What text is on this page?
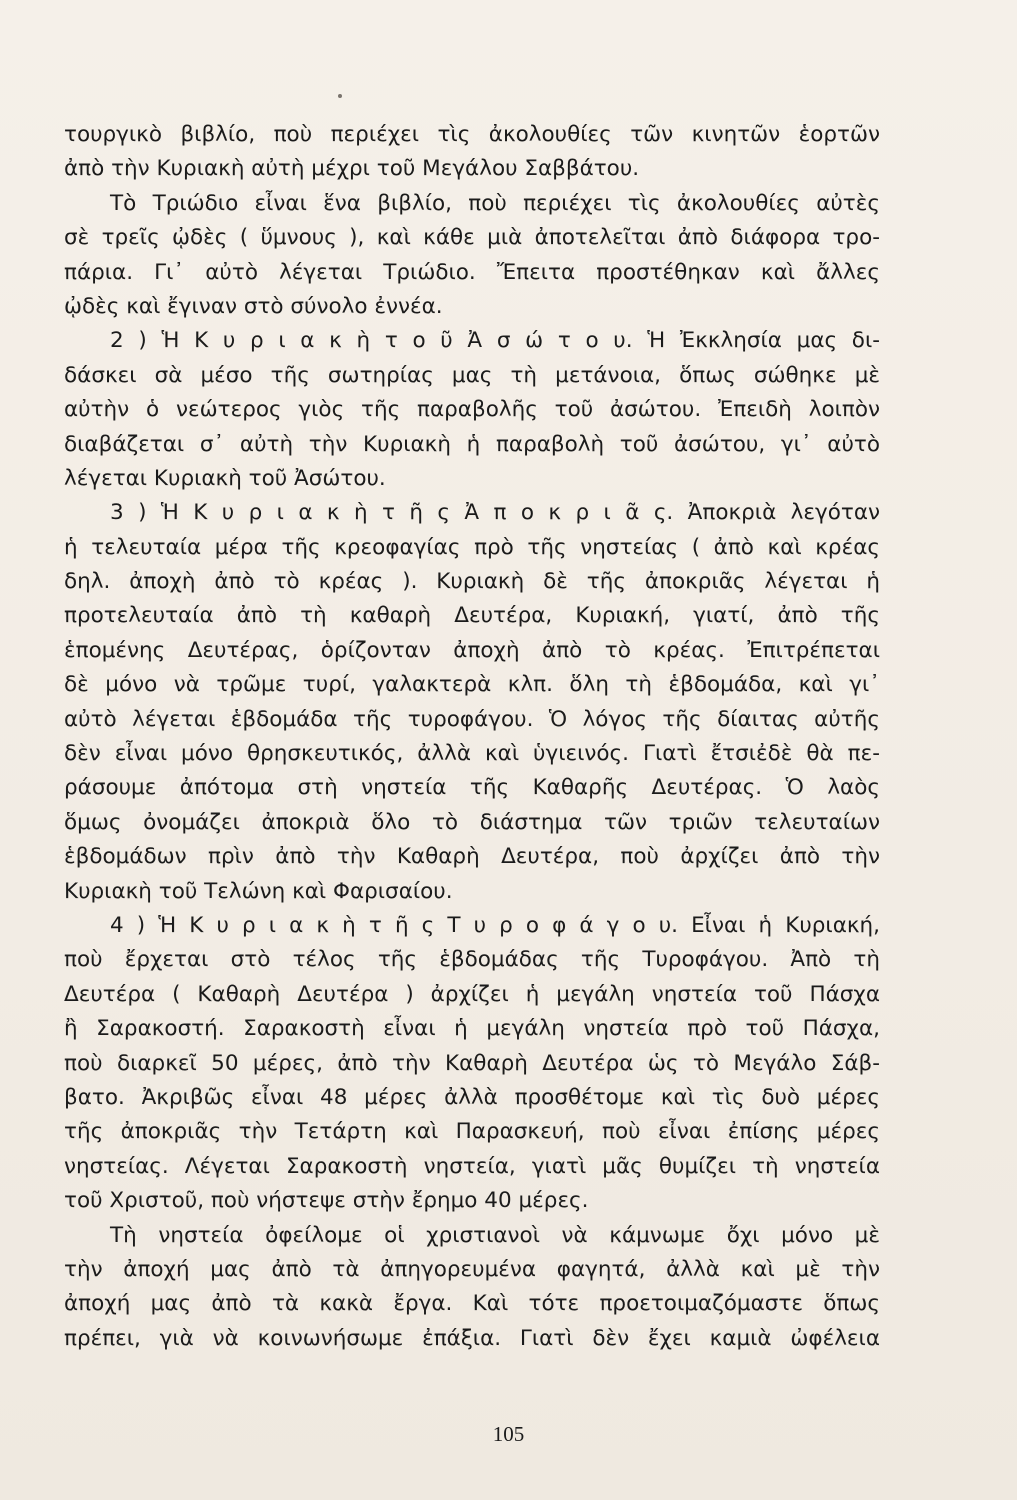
τουργικὸ βιβλίο, ποὺ περιέχει τὶς ἀκολουθίες τῶν κινητῶν ἑορτῶν
ἀπὸ τὴν Κυριακὴ αὐτὴ μέχρι τοῦ Μεγάλου Σαββάτου.
Τὸ Τριώδιο εἶναι ἕνα βιβλίο, ποὺ περιέχει τὶς ἀκολουθίες αὐτὲς
σὲ τρεῖς ᾠδὲς ( ὕμνους ), καὶ κάθε μιὰ ἀποτελεῖται ἀπὸ διάφορα τρο-
πάρια. Γι᾽ αὐτὸ λέγεται Τριώδιο. Ἔπειτα προστέθηκαν καὶ ἄλλες
ᾠδὲς καὶ ἔγιναν στὸ σύνολο ἐννέα.
2 ) Ἡ Κ υ ρ ι α κ ὴ τ ο ῦ Ἀ σ ώ τ ο υ. Ἡ Ἐκκλησία μας δι-
δάσκει σὰ μέσο τῆς σωτηρίας μας τὴ μετάνοια, ὅπως σώθηκε μὲ
αὐτὴν ὁ νεώτερος γιὸς τῆς παραβολῆς τοῦ ἀσώτου. Ἐπειδὴ λοιπὸν
διαβάζεται σ᾽ αὐτὴ τὴν Κυριακὴ ἡ παραβολὴ τοῦ ἀσώτου, γι᾽ αὐτὸ
λέγεται Κυριακὴ τοῦ Ἀσώτου.
3 ) Ἡ Κ υ ρ ι α κ ὴ τ ῆ ς Ἀ π ο κ ρ ι ᾶ ς. Ἀποκριὰ λεγόταν
ἡ τελευταία μέρα τῆς κρεοφαγίας πρὸ τῆς νηστείας ( ἀπὸ καὶ κρέας
δηλ. ἀποχὴ ἀπὸ τὸ κρέας ). Κυριακὴ δὲ τῆς ἀποκριᾶς λέγεται ἡ
προτελευταία ἀπὸ τὴ καθαρὴ Δευτέρα, Κυριακή, γιατί, ἀπὸ τῆς
ἑπομένης Δευτέρας, ὁρίζονταν ἀποχὴ ἀπὸ τὸ κρέας. Ἐπιτρέπεται
δὲ μόνο νὰ τρῶμε τυρί, γαλακτερὰ κλπ. ὅλη τὴ ἑβδομάδα, καὶ γι᾽
αὐτὸ λέγεται ἑβδομάδα τῆς τυροφάγου. Ὁ λόγος τῆς δίαιτας αὐτῆς
δὲν εἶναι μόνο θρησκευτικός, ἀλλὰ καὶ ὑγιεινός. Γιατὶ ἔτσιἐδὲ θὰ πε-
ράσουμε ἀπότομα στὴ νηστεία τῆς Καθαρῆς Δευτέρας. Ὁ λαὸς
ὅμως ὀνομάζει ἀποκριὰ ὅλο τὸ διάστημα τῶν τριῶν τελευταίων
ἑβδομάδων πρὶν ἀπὸ τὴν Καθαρὴ Δευτέρα, ποὺ ἀρχίζει ἀπὸ τὴν
Κυριακὴ τοῦ Τελώνη καὶ Φαρισαίου.
4 ) Ἡ Κ υ ρ ι α κ ὴ τ ῆ ς Τ υ ρ ο φ ά γ ο υ. Εἶναι ἡ Κυριακή,
ποὺ ἔρχεται στὸ τέλος τῆς ἑβδομάδας τῆς Τυροφάγου. Ἀπὸ τὴ
Δευτέρα ( Καθαρὴ Δευτέρα ) ἀρχίζει ἡ μεγάλη νηστεία τοῦ Πάσχα
ἢ Σαρακοστή. Σαρακοστὴ εἶναι ἡ μεγάλη νηστεία πρὸ τοῦ Πάσχα,
ποὺ διαρκεῖ 50 μέρες, ἀπὸ τὴν Καθαρὴ Δευτέρα ὡς τὸ Μεγάλο Σάβ-
βατο. Ἀκριβῶς εἶναι 48 μέρες ἀλλὰ προσθέτομε καὶ τὶς δυὸ μέρες
τῆς ἀποκριᾶς τὴν Τετάρτη καὶ Παρασκευή, ποὺ εἶναι ἐπίσης μέρες
νηστείας. Λέγεται Σαρακοστὴ νηστεία, γιατὶ μᾶς θυμίζει τὴ νηστεία
τοῦ Χριστοῦ, ποὺ νήστεψε στὴν ἔρημο 40 μέρες.
Τὴ νηστεία ὀφείλομε οἱ χριστιανοὶ νὰ κάμνωμε ὄχι μόνο μὲ
τὴν ἀποχή μας ἀπὸ τὰ ἀπηγορευμένα φαγητά, ἀλλὰ καὶ μὲ τὴν
ἀποχή μας ἀπὸ τὰ κακὰ ἔργα. Καὶ τότε προετοιμαζόμαστε ὅπως
πρέπει, γιὰ νὰ κοινωνήσωμε ἐπάξια. Γιατὶ δὲν ἔχει καμιὰ ὠφέλεια
105
